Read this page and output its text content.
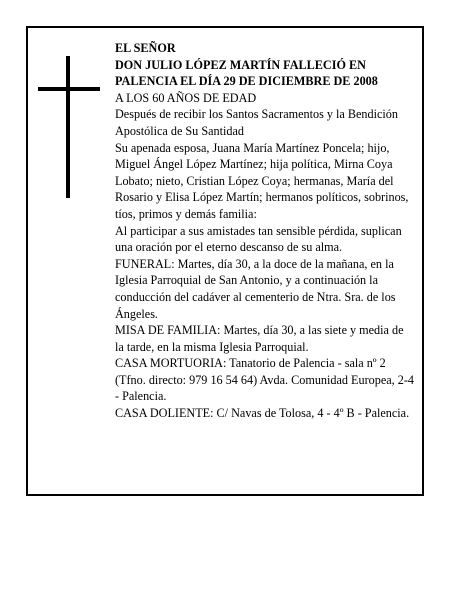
EL SEÑOR

DON JULIO LÓPEZ MARTÍN FALLECIÓ EN PALENCIA EL DÍA 29 DE DICIEMBRE DE 2008

A LOS 60 AÑOS DE EDAD

Después de recibir los Santos Sacramentos y la Bendición Apostólica de Su Santidad

Su apenada esposa, Juana María Martínez Poncela; hijo, Miguel Ángel López Martínez; hija política, Mirna Coya Lobato; nieto, Cristian López Coya; hermanas, María del Rosario y Elisa López Martín; hermanos políticos, sobrinos, tíos, primos y demás familia:

Al participar a sus amistades tan sensible pérdida, suplican una oración por el eterno descanso de su alma.

FUNERAL: Martes, día 30, a la doce de la mañana, en la Iglesia Parroquial de San Antonio, y a continuación la conducción del cadáver al cementerio de Ntra. Sra. de los Ángeles.

MISA DE FAMILIA: Martes, día 30, a las siete y media de la tarde, en la misma Iglesia Parroquial.

CASA MORTUORIA: Tanatorio de Palencia - sala nº 2 (Tfno. directo: 979 16 54 64) Avda. Comunidad Europea, 2-4 - Palencia.

CASA DOLIENTE: C/ Navas de Tolosa, 4 - 4º B - Palencia.
